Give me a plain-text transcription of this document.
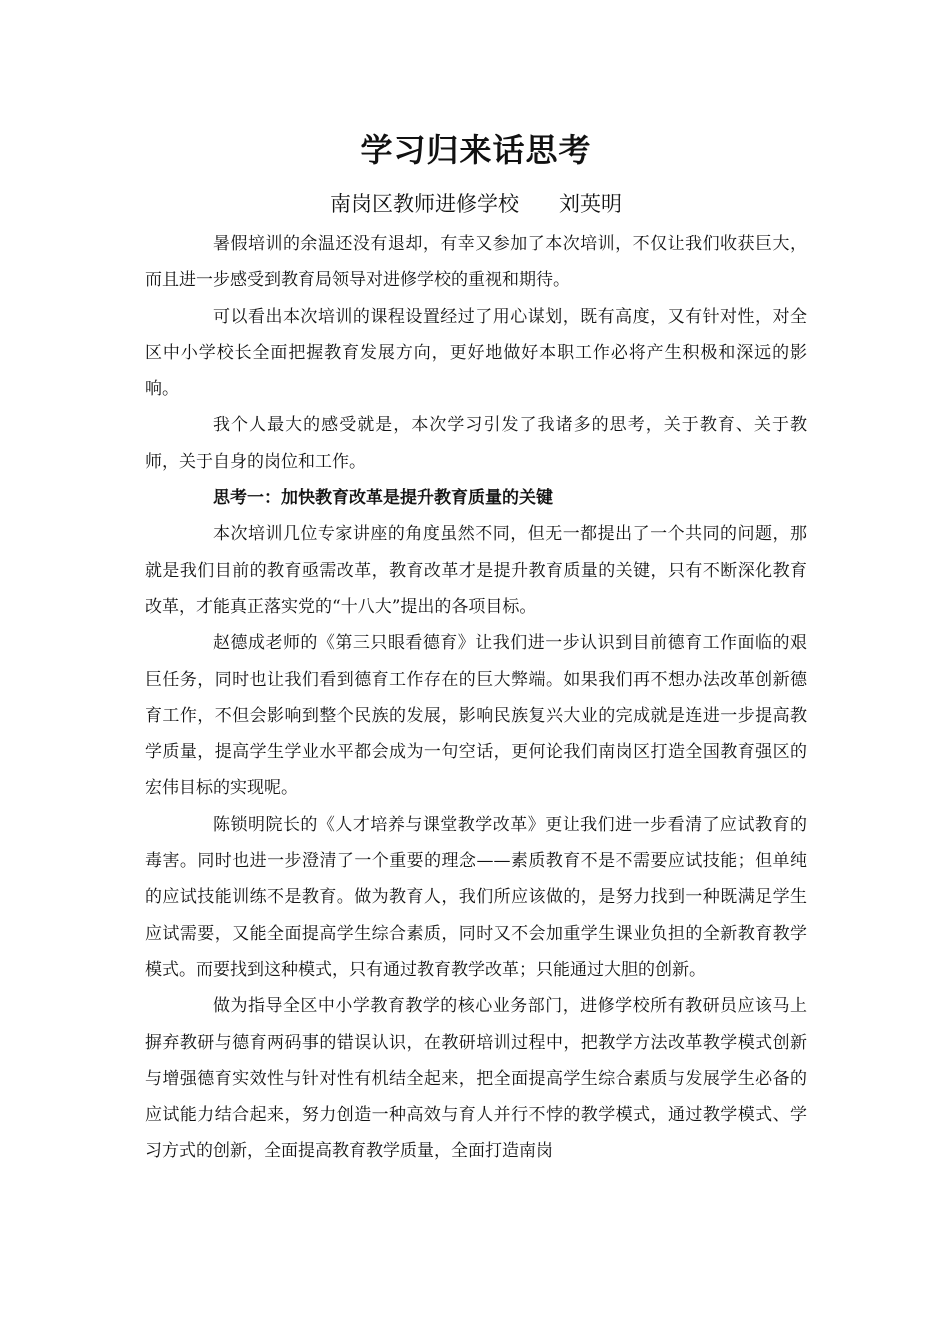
学习归来话思考

南岗区教师进修学校      刘英明

暑假培训的余温还没有退却，有幸又参加了本次培训，不仅让我们收获巨大，而且进一步感受到教育局领导对进修学校的重视和期待。

可以看出本次培训的课程设置经过了用心谋划，既有高度，又有针对性，对全区中小学校长全面把握教育发展方向，更好地做好本职工作必将产生积极和深远的影响。

我个人最大的感受就是，本次学习引发了我诸多的思考，关于教育、关于教师，关于自身的岗位和工作。

思考一：加快教育改革是提升教育质量的关键

本次培训几位专家讲座的角度虽然不同，但无一都提出了一个共同的问题，那就是我们目前的教育亟需改革，教育改革才是提升教育质量的关键，只有不断深化教育改革，才能真正落实党的“十八大”提出的各项目标。

赵德成老师的《第三只眼看德育》让我们进一步认识到目前德育工作面临的艰巨任务，同时也让我们看到德育工作存在的巨大弊端。如果我们再不想办法改革创新德育工作，不但会影响到整个民族的发展，影响民族复兴大业的完成就是连进一步提高教学质量，提高学生学业水平都会成为一句空话，更何论我们南岗区打造全国教育强区的宏伟目标的实现呢。

陈锁明院长的《人才培养与课堂教学改革》更让我们进一步看清了应试教育的毒害。同时也进一步澄清了一个重要的理念——素质教育不是不需要应试技能；但单纯的应试技能训练不是教育。做为教育人，我们所应该做的，是努力找到一种既满足学生应试需要，又能全面提高学生综合素质，同时又不会加重学生课业负担的全新教育教学模式。而要找到这种模式，只有通过教育教学改革；只能通过大胆的创新。

做为指导全区中小学教育教学的核心业务部门，进修学校所有教研员应该马上摒弃教研与德育两码事的错误认识，在教研培训过程中，把教学方法改革教学模式创新与增强德育实效性与针对性有机结全起来，把全面提高学生综合素质与发展学生必备的应试能力结合起来，努力创造一种高效与育人并行不悖的教学模式，通过教学模式、学习方式的创新，全面提高教育教学质量，全面打造南岗
